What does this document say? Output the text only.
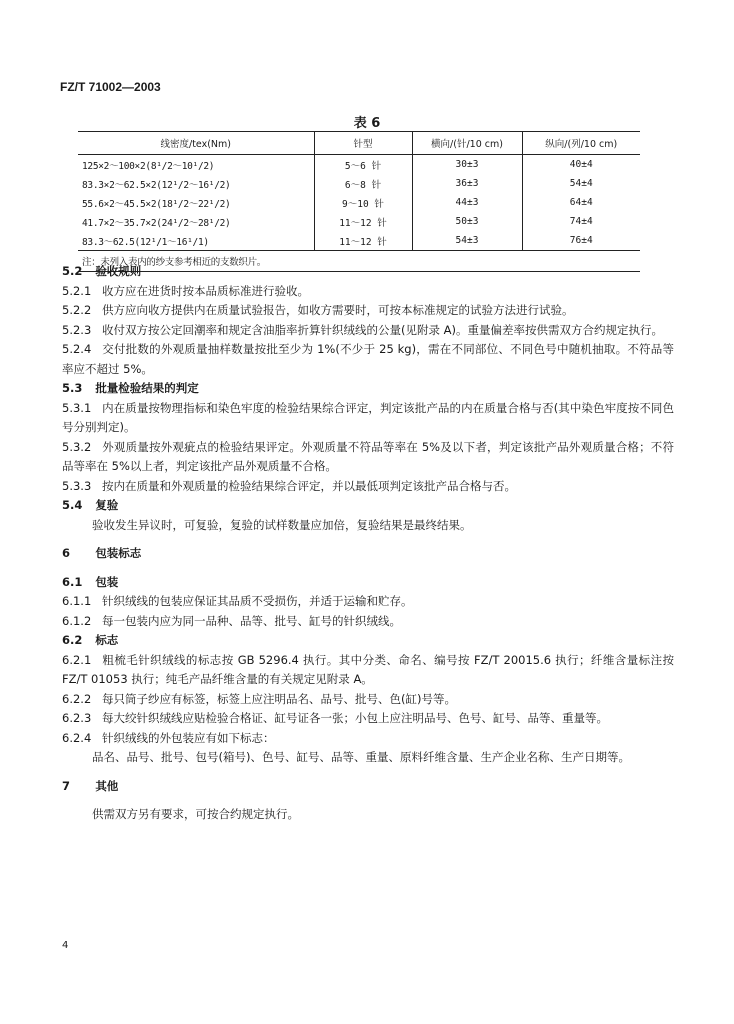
FZ/T 71002—2003
表 6
线密度/tex(Nm)	针型	横向/(针/10 cm)	纵向/(列/10 cm)
125×2～100×2(8¹/2～10¹/2)	5～6 针	30±3	40±4
83.3×2～62.5×2(12¹/2～16¹/2)	6～8 针	36±3	54±4
55.6×2～45.5×2(18¹/2～22¹/2)	9～10 针	44±3	64±4
41.7×2～35.7×2(24¹/2～28¹/2)	11～12 针	50±3	74±4
83.3～62.5(12¹/1～16¹/1)	11～12 针	54±3	76±4
注：未列入表内的纱支参考相近的支数织片。			

5.2 验收规则

5.2.1 收方应在进货时按本品质标准进行验收。

5.2.2 供方应向收方提供内在质量试验报告，如收方需要时，可按本标准规定的试验方法进行试验。

5.2.3 收付双方按公定回潮率和规定含油脂率折算针织绒线的公量(见附录 A)。重量偏差率按供需双方合约规定执行。

5.2.4 交付批数的外观质量抽样数量按批至少为 1%(不少于 25 kg)，需在不同部位、不同色号中随机抽取。不符品等率应不超过 5%。

5.3 批量检验结果的判定

5.3.1 内在质量按物理指标和染色牢度的检验结果综合评定，判定该批产品的内在质量合格与否(其中染色牢度按不同色号分别判定)。

5.3.2 外观质量按外观疵点的检验结果评定。外观质量不符品等率在 5%及以下者，判定该批产品外观质量合格；不符品等率在 5%以上者，判定该批产品外观质量不合格。

5.3.3 按内在质量和外观质量的检验结果综合评定，并以最低项判定该批产品合格与否。

5.4 复验

验收发生异议时，可复验，复验的试样数量应加倍，复验结果是最终结果。

6 包装标志

6.1 包装

6.1.1 针织绒线的包装应保证其品质不受损伤，并适于运输和贮存。

6.1.2 每一包装内应为同一品种、品等、批号、缸号的针织绒线。

6.2 标志

6.2.1 粗梳毛针织绒线的标志按 GB 5296.4 执行。其中分类、命名、编号按 FZ/T 20015.6 执行；纤维含量标注按 FZ/T 01053 执行；纯毛产品纤维含量的有关规定见附录 A。

6.2.2 每只筒子纱应有标签，标签上应注明品名、品号、批号、色(缸)号等。

6.2.3 每大绞针织绒线应贴检验合格证、缸号证各一张；小包上应注明品号、色号、缸号、品等、重量等。

6.2.4 针织绒线的外包装应有如下标志：

品名、品号、批号、包号(箱号)、色号、缸号、品等、重量、原料纤维含量、生产企业名称、生产日期等。

7 其他

供需双方另有要求，可按合约规定执行。

4
